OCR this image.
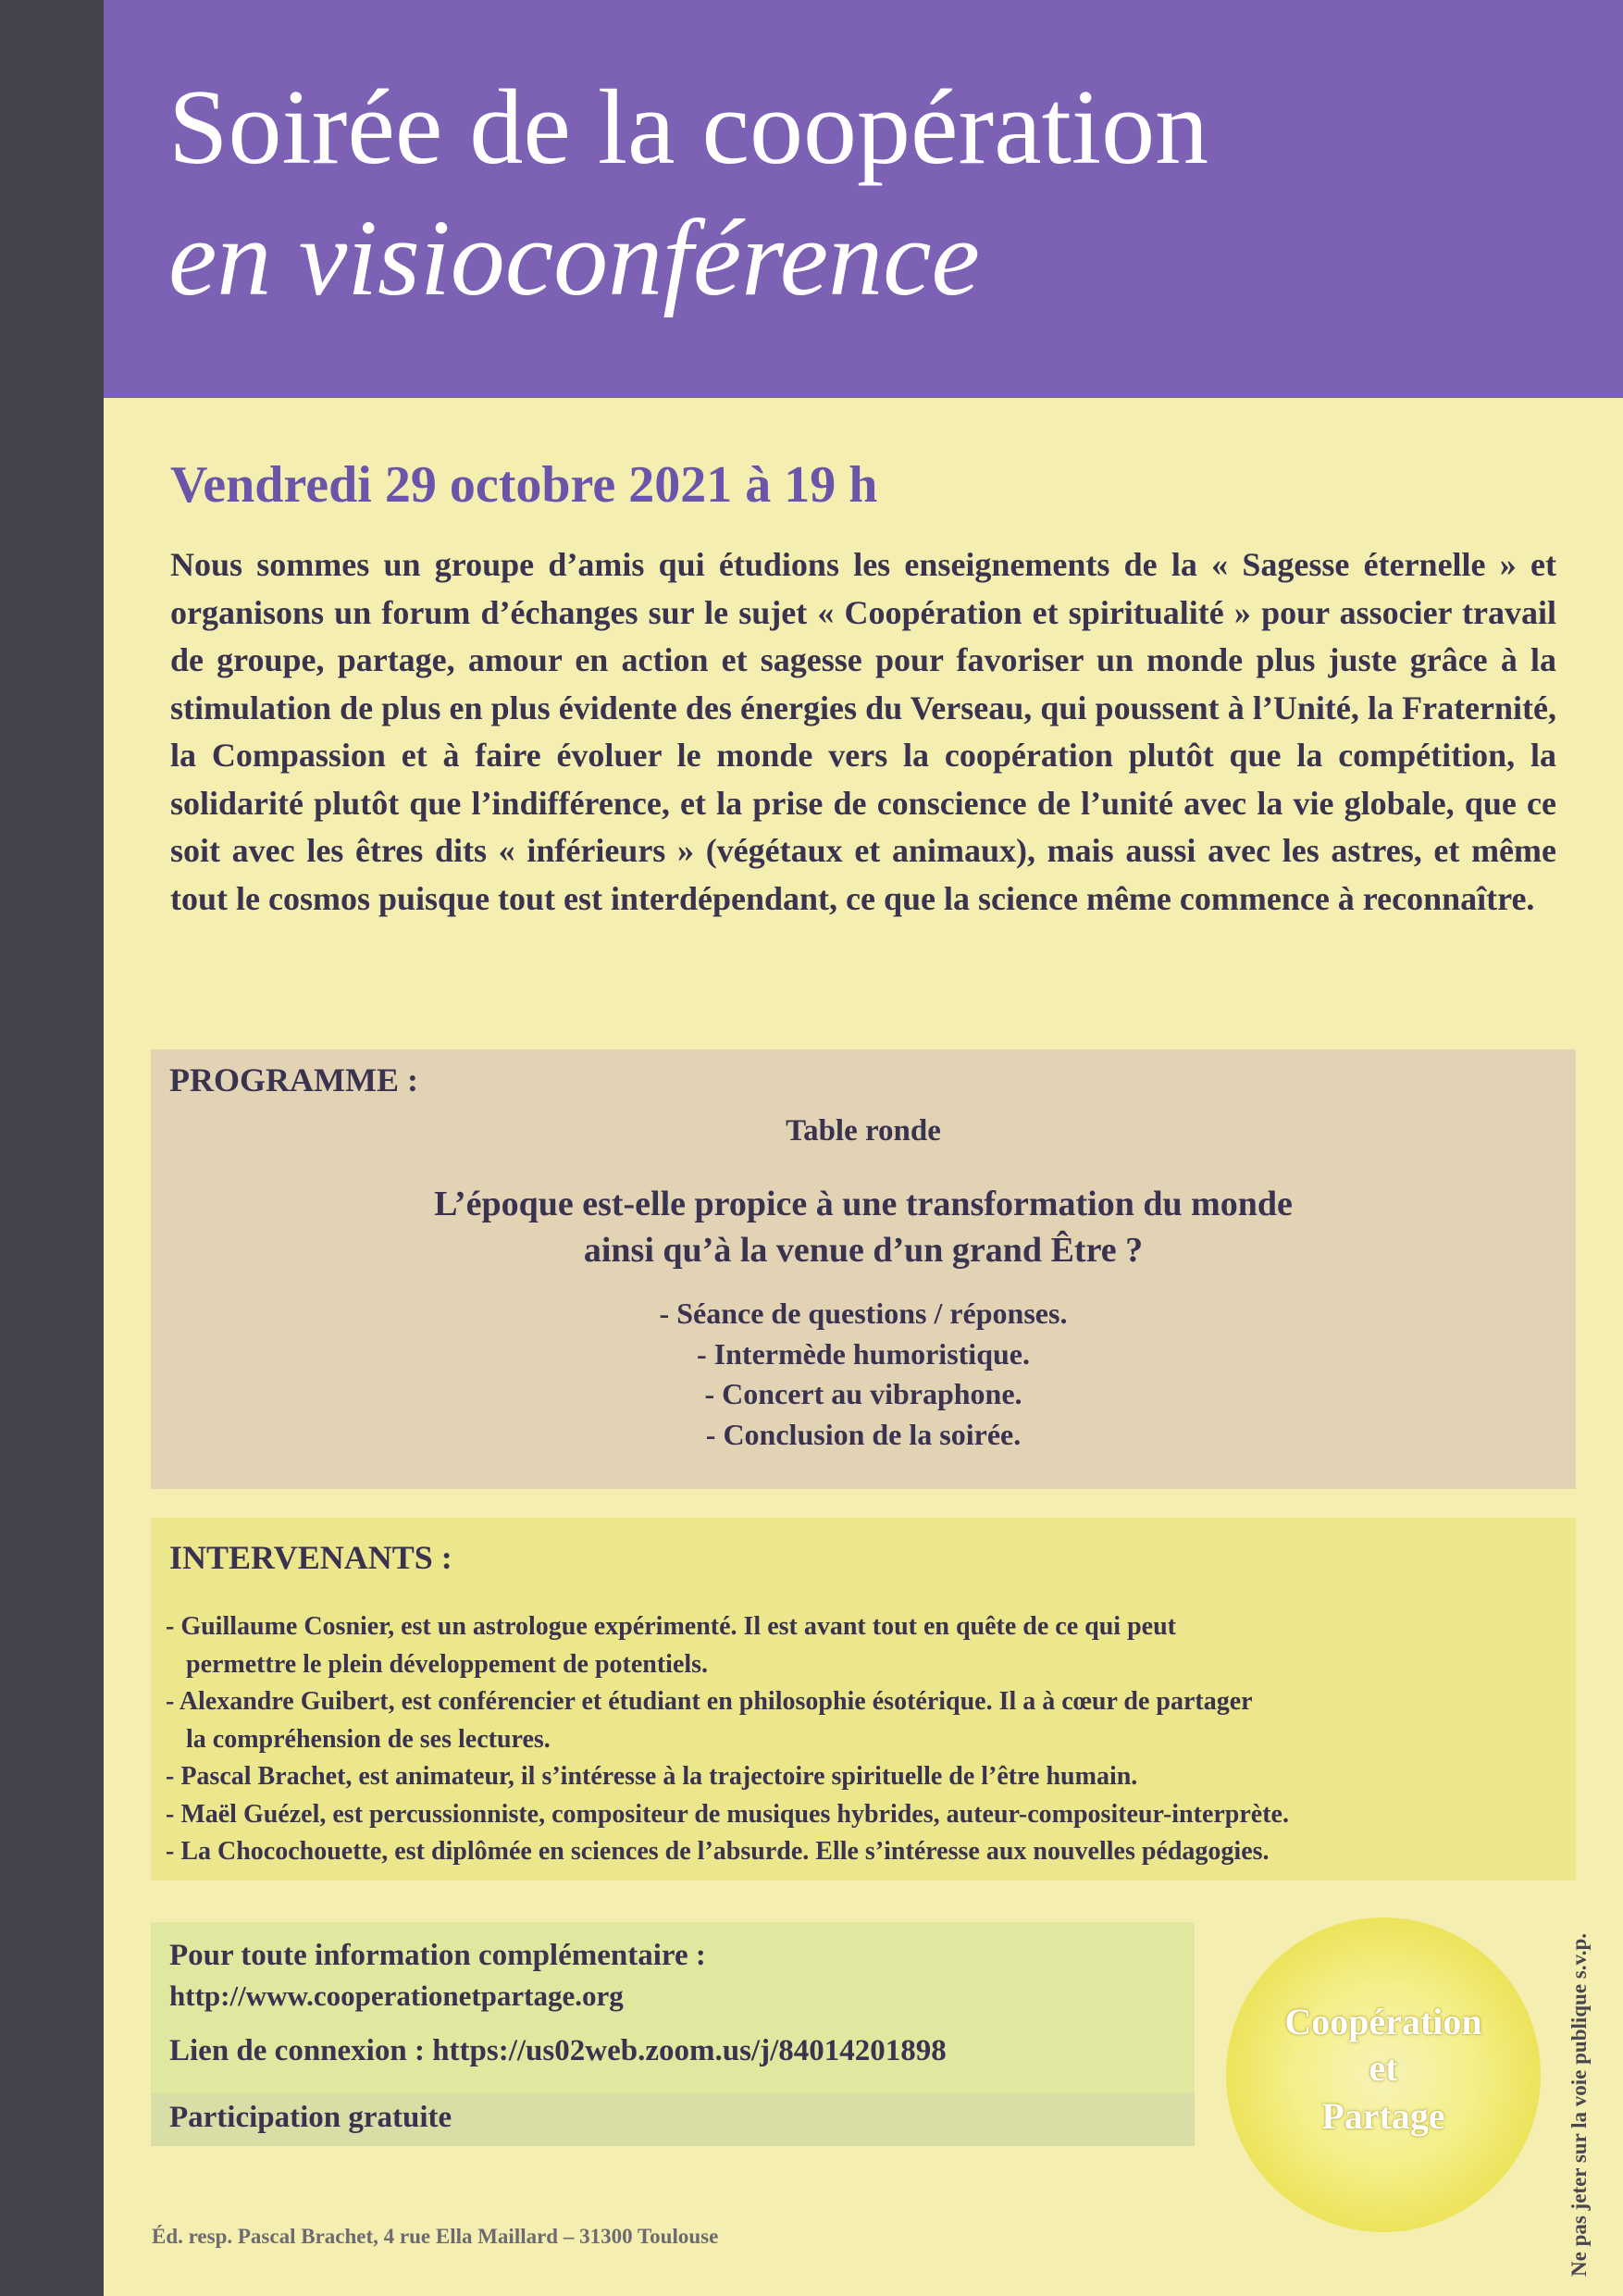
Soirée de la coopération
en visioconférence
Vendredi 29 octobre 2021 à 19 h
Nous sommes un groupe d’amis qui étudions les enseignements de la « Sagesse éternelle » et organisons un forum d’échanges sur le sujet « Coopération et spiritualité » pour associer travail de groupe, partage, amour en action et sagesse pour favoriser un monde plus juste grâce à la stimulation de plus en plus évidente des énergies du Verseau, qui poussent à l’Unité, la Fraternité, la Compassion et à faire évoluer le monde vers la coopération plutôt que la compétition, la solidarité plutôt que l’indifférence, et la prise de conscience de l’unité avec la vie globale, que ce soit avec les êtres dits « inférieurs » (végétaux et animaux), mais aussi avec les astres, et même tout le cosmos puisque tout est interdépendant, ce que la science même commence à reconnaître.
PROGRAMME :
Table ronde
L’époque est-elle propice à une transformation du monde
ainsi qu’à la venue d’un grand Être ?
- Séance de questions / réponses.
- Intermède humoristique.
- Concert au vibraphone.
- Conclusion de la soirée.
INTERVENANTS :
- Guillaume Cosnier, est un astrologue expérimenté. Il est avant tout en quête de ce qui peut
permettre le plein développement de potentiels.
- Alexandre Guibert, est conférencier et étudiant en philosophie ésotérique. Il a à cœur de partager
la compréhension de ses lectures.
- Pascal Brachet, est animateur, il s’intéresse à la trajectoire spirituelle de l’être humain.
- Maël Guézel, est percussionniste, compositeur de musiques hybrides, auteur-compositeur-interprète.
- La Chocochouette, est diplômée en sciences de l’absurde. Elle s’intéresse aux nouvelles pédagogies.
Pour toute information complémentaire :
http://www.cooperationetpartage.org
Lien de connexion : https://us02web.zoom.us/j/84014201898
Participation gratuite
Coopération
et
Partage
Éd. resp. Pascal Brachet, 4 rue Ella Maillard – 31300 Toulouse	Ne pas jeter sur la voie publique s.v.p.
